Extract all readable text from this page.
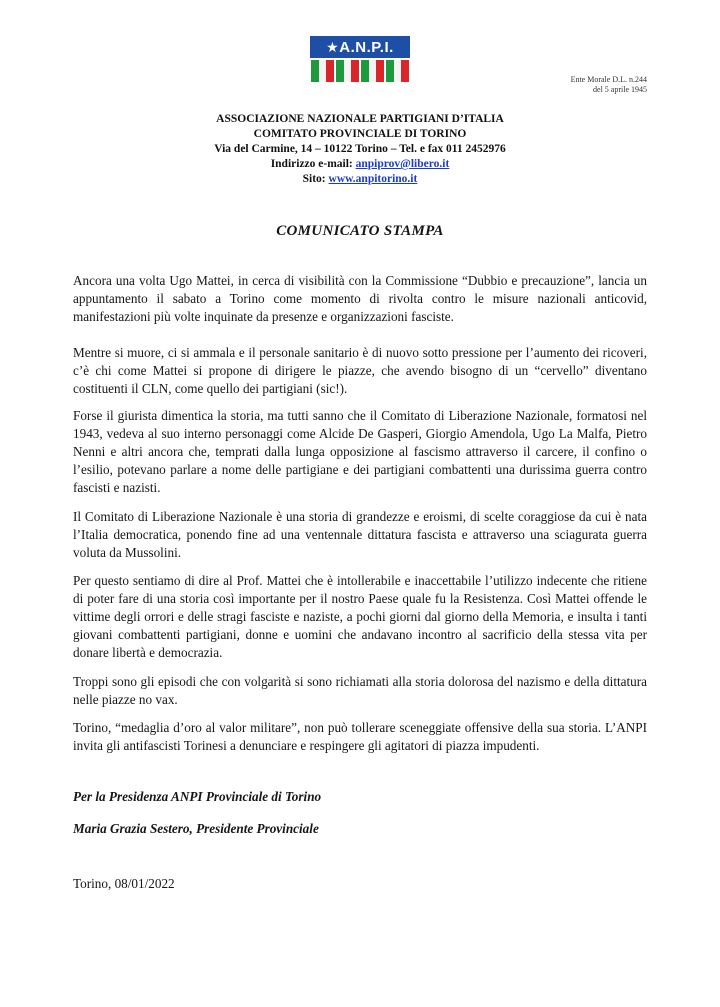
★A.N.P.I.
Ente Morale D.L. n.244
del 5 aprile 1945
ASSOCIAZIONE NAZIONALE PARTIGIANI D’ITALIA
COMITATO PROVINCIALE DI TORINO
Via del Carmine, 14 – 10122 Torino – Tel. e fax 011 2452976
Indirizzo e-mail: anpiprov@libero.it
Sito: www.anpitorino.it
COMUNICATO STAMPA

Ancora una volta Ugo Mattei, in cerca di visibilità con la Commissione “Dubbio e precauzione”, lancia un appuntamento il sabato a Torino come momento di rivolta contro le misure nazionali anticovid, manifestazioni più volte inquinate da presenze e organizzazioni fasciste.

Mentre si muore, ci si ammala e il personale sanitario è di nuovo sotto pressione per l’aumento dei ricoveri, c’è chi come Mattei si propone di dirigere le piazze, che avendo bisogno di un “cervello” diventano costituenti il CLN, come quello dei partigiani (sic!).

Forse il giurista dimentica la storia, ma tutti sanno che il Comitato di Liberazione Nazionale, formatosi nel 1943, vedeva al suo interno personaggi come Alcide De Gasperi, Giorgio Amendola, Ugo La Malfa, Pietro Nenni e altri ancora che, temprati dalla lunga opposizione al fascismo attraverso il carcere, il confino o l’esilio, potevano parlare a nome delle partigiane e dei partigiani combattenti una durissima guerra contro fascisti e nazisti.

Il Comitato di Liberazione Nazionale è una storia di grandezze e eroismi, di scelte coraggiose da cui è nata l’Italia democratica, ponendo fine ad una ventennale dittatura fascista e attraverso una sciagurata guerra voluta da Mussolini.

Per questo sentiamo di dire al Prof. Mattei che è intollerabile e inaccettabile l’utilizzo indecente che ritiene di poter fare di una storia così importante per il nostro Paese quale fu la Resistenza. Così Mattei offende le vittime degli orrori e delle stragi fasciste e naziste, a pochi giorni dal giorno della Memoria, e insulta i tanti giovani combattenti partigiani, donne e uomini che andavano incontro al sacrificio della stessa vita per donare libertà e democrazia.

Troppi sono gli episodi che con volgarità si sono richiamati alla storia dolorosa del nazismo e della dittatura nelle piazze no vax.

Torino, “medaglia d’oro al valor militare”, non può tollerare sceneggiate offensive della sua storia. L’ANPI invita gli antifascisti Torinesi a denunciare e respingere gli agitatori di piazza impudenti.

Per la Presidenza ANPI Provinciale di Torino
Maria Grazia Sestero, Presidente Provinciale
Torino, 08/01/2022
